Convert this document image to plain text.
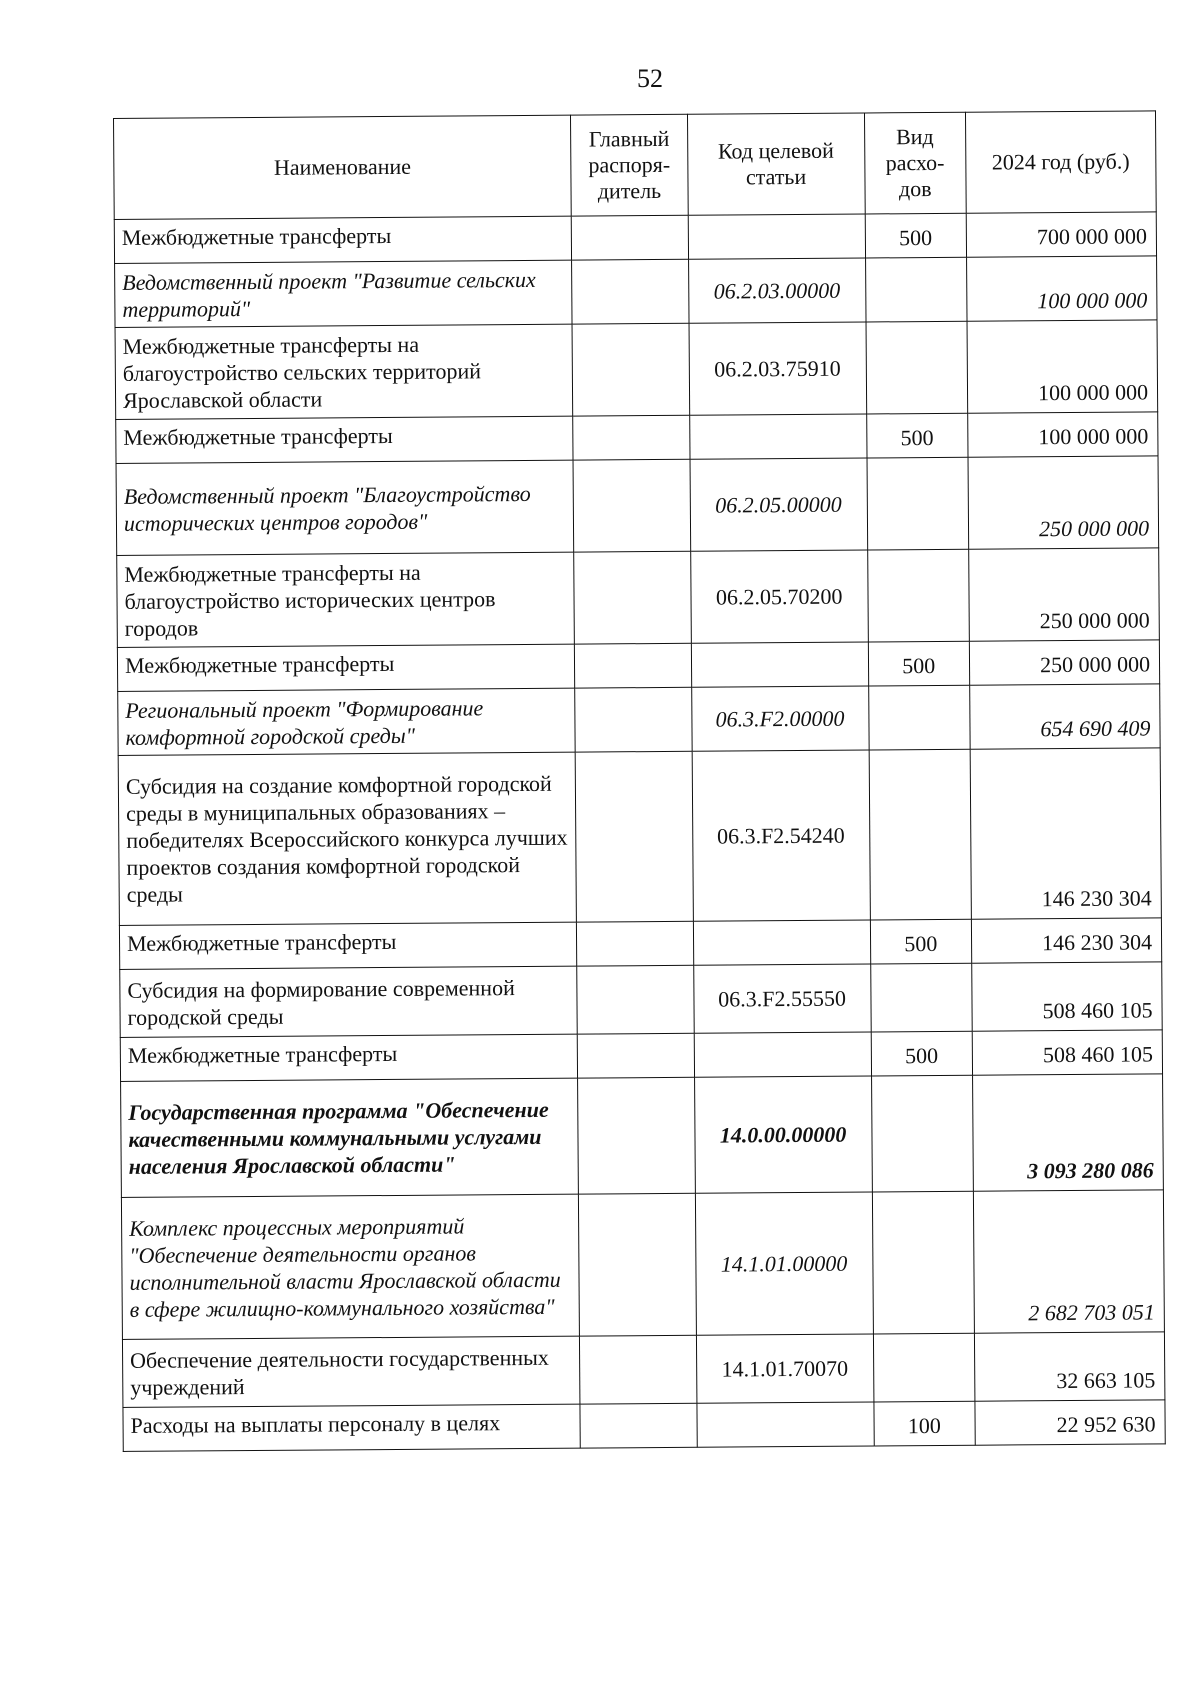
52
Наименование	Главный распоря-дитель	Код целевой статьи	Вид расхо-дов	2024 год (руб.)
Межбюджетные трансферты			500	700 000 000
Ведомственный проект "Развитие сельских территорий"		06.2.03.00000		100 000 000
Межбюджетные трансферты на благоустройство сельских территорий Ярославской области		06.2.03.75910		100 000 000
Межбюджетные трансферты			500	100 000 000
Ведомственный проект "Благоустройство исторических центров городов"		06.2.05.00000		250 000 000
Межбюджетные трансферты на благоустройство исторических центров городов		06.2.05.70200		250 000 000
Межбюджетные трансферты			500	250 000 000
Региональный проект "Формирование комфортной городской среды"		06.3.F2.00000		654 690 409
Субсидия на создание комфортной городской среды в муниципальных образованиях – победителях Всероссийского конкурса лучших проектов создания комфортной городской среды		06.3.F2.54240		146 230 304
Межбюджетные трансферты			500	146 230 304
Субсидия на формирование современной городской среды		06.3.F2.55550		508 460 105
Межбюджетные трансферты			500	508 460 105
Государственная программа "Обеспечение качественными коммунальными услугами населения Ярославской области"		14.0.00.00000		3 093 280 086
Комплекс процессных мероприятий "Обеспечение деятельности органов исполнительной власти Ярославской области в сфере жилищно-коммунального хозяйства"		14.1.01.00000		2 682 703 051
Обеспечение деятельности государственных учреждений		14.1.01.70070		32 663 105
Расходы на выплаты персоналу в целях			100	22 952 630
